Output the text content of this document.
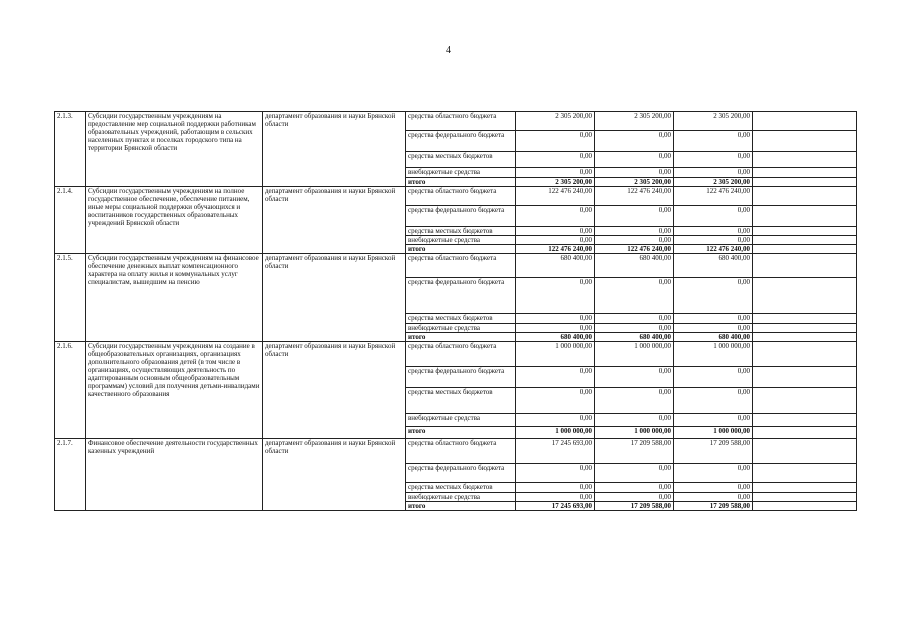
4
2.1.3.	Субсидии государственным учреждениям на предоставление мер социальной поддержки работникам образовательных учреждений, работающим в сельских населенных пунктах и поселках городского типа на территории Брянской области	департамент образования и науки Брянской области	средства областного бюджета	2 305 200,00	2 305 200,00	2 305 200,00	
			средства федерального бюджета	0,00	0,00	0,00	
			средства местных бюджетов	0,00	0,00	0,00	
			внебюджетные средства	0,00	0,00	0,00	
			итого	2 305 200,00	2 305 200,00	2 305 200,00	
2.1.4.	Субсидии государственным учреждениям на полное государственное обеспечение, обеспечение питанием, иные меры социальной поддержки обучающихся и воспитанников государственных образовательных учреждений Брянской области	департамент образования и науки Брянской области	средства областного бюджета	122 476 240,00	122 476 240,00	122 476 240,00	
			средства федерального бюджета	0,00	0,00	0,00	
			средства местных бюджетов	0,00	0,00	0,00	
			внебюджетные средства	0,00	0,00	0,00	
			итого	122 476 240,00	122 476 240,00	122 476 240,00	
2.1.5.	Субсидии государственным учреждениям на финансовое обеспечение денежных выплат компенсационного характера на оплату жилья и коммунальных услуг специалистам, вышедшим на пенсию	департамент образования и науки Брянской области	средства областного бюджета	680 400,00	680 400,00	680 400,00	
			средства федерального бюджета	0,00	0,00	0,00	
			средства местных бюджетов	0,00	0,00	0,00	
			внебюджетные средства	0,00	0,00	0,00	
			итого	680 400,00	680 400,00	680 400,00	
2.1.6.	Субсидии государственным учреждениям на создание в общеобразовательных организациях, организациях дополнительного образования детей (в том числе в организациях, осуществляющих деятельность по адаптированным основным общеобразовательным программам) условий для получения детьми-инвалидами качественного образования	департамент образования и науки Брянской области	средства областного бюджета	1 000 000,00	1 000 000,00	1 000 000,00	
			средства федерального бюджета	0,00	0,00	0,00	
			средства местных бюджетов	0,00	0,00	0,00	
			внебюджетные средства	0,00	0,00	0,00	
			итого	1 000 000,00	1 000 000,00	1 000 000,00	
2.1.7.	Финансовое обеспечение деятельности государственных казенных учреждений	департамент образования и науки Брянской области	средства областного бюджета	17 245 693,00	17 209 588,00	17 209 588,00	
			средства федерального бюджета	0,00	0,00	0,00	
			средства местных бюджетов	0,00	0,00	0,00	
			внебюджетные средства	0,00	0,00	0,00	
			итого	17 245 693,00	17 209 588,00	17 209 588,00	
